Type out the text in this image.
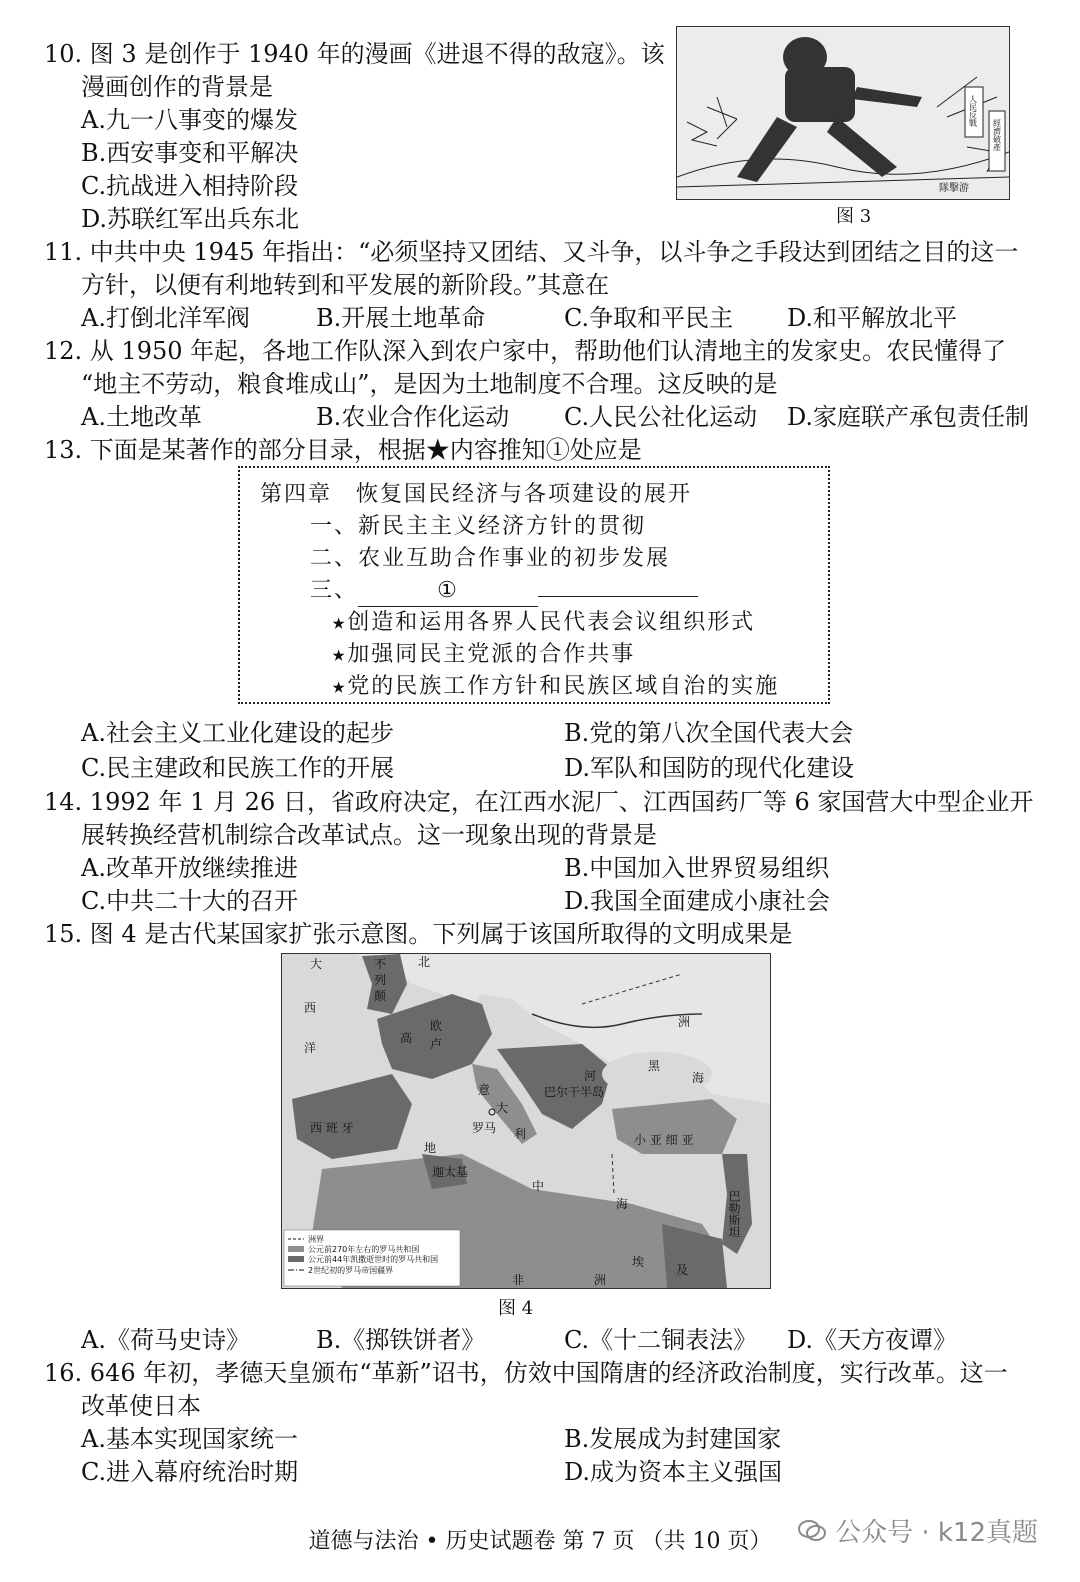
10. 图 3 是创作于 1940 年的漫画《进退不得的敌寇》。该
漫画创作的背景是
A.九一八事变的爆发
B.西安事变和平解决
C.抗战进入相持阶段
D.苏联红军出兵东北
人民反戰
經濟破產
隊擊游
图 3
11. 中共中央 1945 年指出：“必须坚持又团结、又斗争，以斗争之手段达到团结之目的这一
方针，以便有利地转到和平发展的新阶段。”其意在
A.打倒北洋军阀	B.开展土地革命	C.争取和平民主 D.和平解放北平
12. 从 1950 年起，各地工作队深入到农户家中，帮助他们认清地主的发家史。农民懂得了
“地主不劳动，粮食堆成山”，是因为土地制度不合理。这反映的是
A.土地改革	B.农业合作化运动 C.人民公社化运动 D.家庭联产承包责任制
13. 下面是某著作的部分目录，根据★内容推知①处应是
第四章　恢复国民经济与各项建设的展开
一、新民主主义经济方针的贯彻
二、农业互助合作事业的初步发展
三、	①
★创造和运用各界人民代表会议组织形式
★加强同民主党派的合作共事
★党的民族工作方针和民族区域自治的实施
A.社会主义工业化建设的起步	B.党的第八次全国代表大会
C.民主建政和民族工作的开展	D.军队和国防的现代化建设
14. 1992 年 1 月 26 日，省政府决定，在江西水泥厂、江西国药厂等 6 家国营大中型企业开
展转换经营机制综合改革试点。这一现象出现的背景是
A.改革开放继续推进	B.中国加入世界贸易组织
C.中共二十大的召开	D.我国全面建成小康社会
15. 图 4 是古代某国家扩张示意图。下列属于该国所取得的文明成果是
大
西
洋
北
不
列
颠
高
欧
卢
洲
河
西 班 牙
意
大
利
罗马
巴尔干半岛
黑
海
小 亚 细 亚
迦太基
地
中
海	巴勒斯坦
埃
及
非	洲
洲界
公元前270年左右的罗马共和国
公元前44年凯撒逝世时的罗马共和国
2世纪初的罗马帝国疆界
图 4
A.《荷马史诗》	B.《掷铁饼者》	C.《十二铜表法》 D.《天方夜谭》
16. 646 年初，孝德天皇颁布“革新”诏书，仿效中国隋唐的经济政治制度，实行改革。这一
改革使日本
A.基本实现国家统一	B.发展成为封建国家
C.进入幕府统治时期	D.成为资本主义强国
道德与法治 • 历史试题卷 第 7 页 （共 10 页）	公众号 · k12真题
